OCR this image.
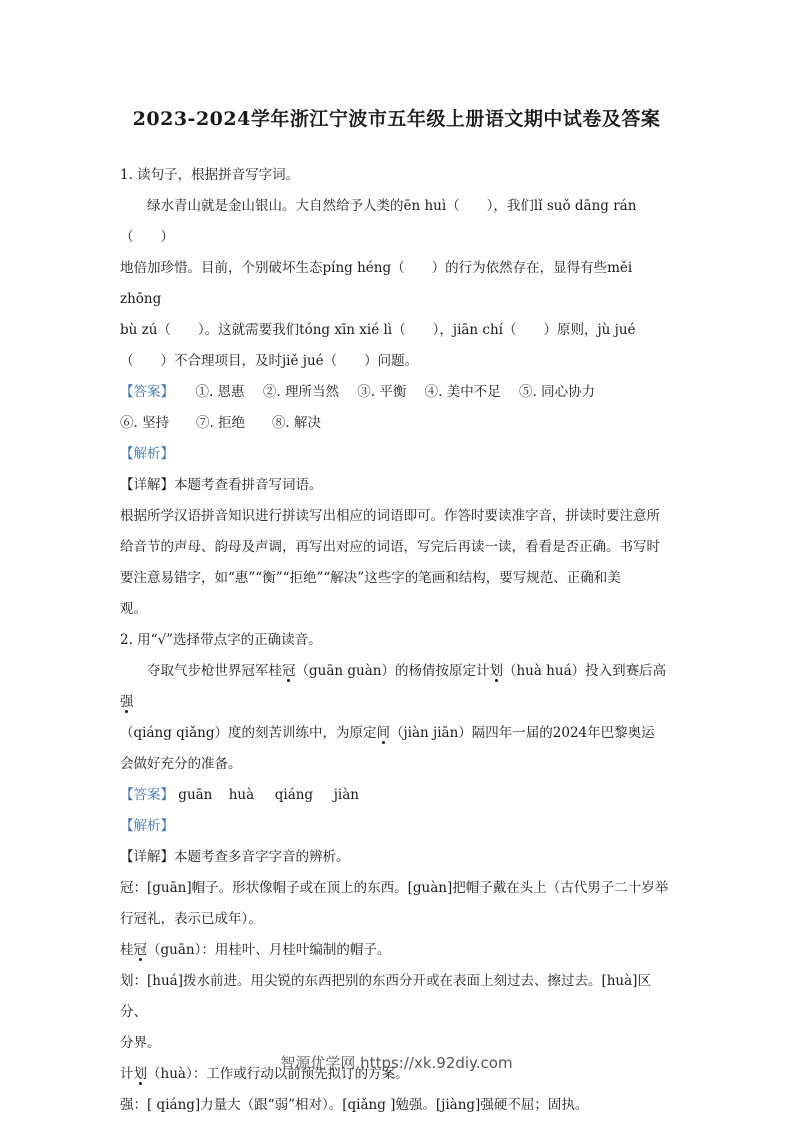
2023-2024学年浙江宁波市五年级上册语文期中试卷及答案

1. 读句子，根据拼音写字词。

绿水青山就是金山银山。大自然给予人类的ēn huì（　　），我们lǐ suǒ dāng rán（　　）

地倍加珍惜。目前，个别破坏生态píng héng（　　）的行为依然存在，显得有些měi zhōng

bù zú（　　）。这就需要我们tóng xīn xié lì（　　），jiān chí（　　）原则，jù jué

（　　）不合理项目，及时jiě jué（　　）问题。

【答案】 ①. 恩惠 ②. 理所当然 ③. 平衡 ④. 美中不足 ⑤. 同心协力

⑥. 坚持 ⑦. 拒绝 ⑧. 解决

【解析】

【详解】本题考查看拼音写词语。

根据所学汉语拼音知识进行拼读写出相应的词语即可。作答时要读准字音，拼读时要注意所

给音节的声母、韵母及声调，再写出对应的词语，写完后再读一读，看看是否正确。书写时

要注意易错字，如“惠”“衡”“拒绝”“解决”这些字的笔画和结构，要写规范、正确和美

观。

2. 用“√”选择带点字的正确读音。

夺取气步枪世界冠军桂冠（guān guàn）的杨倩按原定计划（huà huá）投入到赛后高强

（qiáng qiǎng）度的刻苦训练中，为原定间（jiàn jiān）隔四年一届的2024年巴黎奥运

会做好充分的准备。

【答案】 guān huà qiáng jiàn

【解析】

【详解】本题考查多音字字音的辨析。

冠：[guān]帽子。形状像帽子或在顶上的东西。[guàn]把帽子戴在头上（古代男子二十岁举

行冠礼，表示已成年）。

桂冠（guān）：用桂叶、月桂叶编制的帽子。

划：[huá]拨水前进。用尖锐的东西把别的东西分开或在表面上刻过去、擦过去。[huà]区分、

分界。

计划（huà）：工作或行动以前预先拟订的方案。

强：[ qiáng]力量大（跟“弱”相对）。[qiǎng ]勉强。[jiàng]强硬不屈；固执。

智源优学网 https://xk.92diy.com
